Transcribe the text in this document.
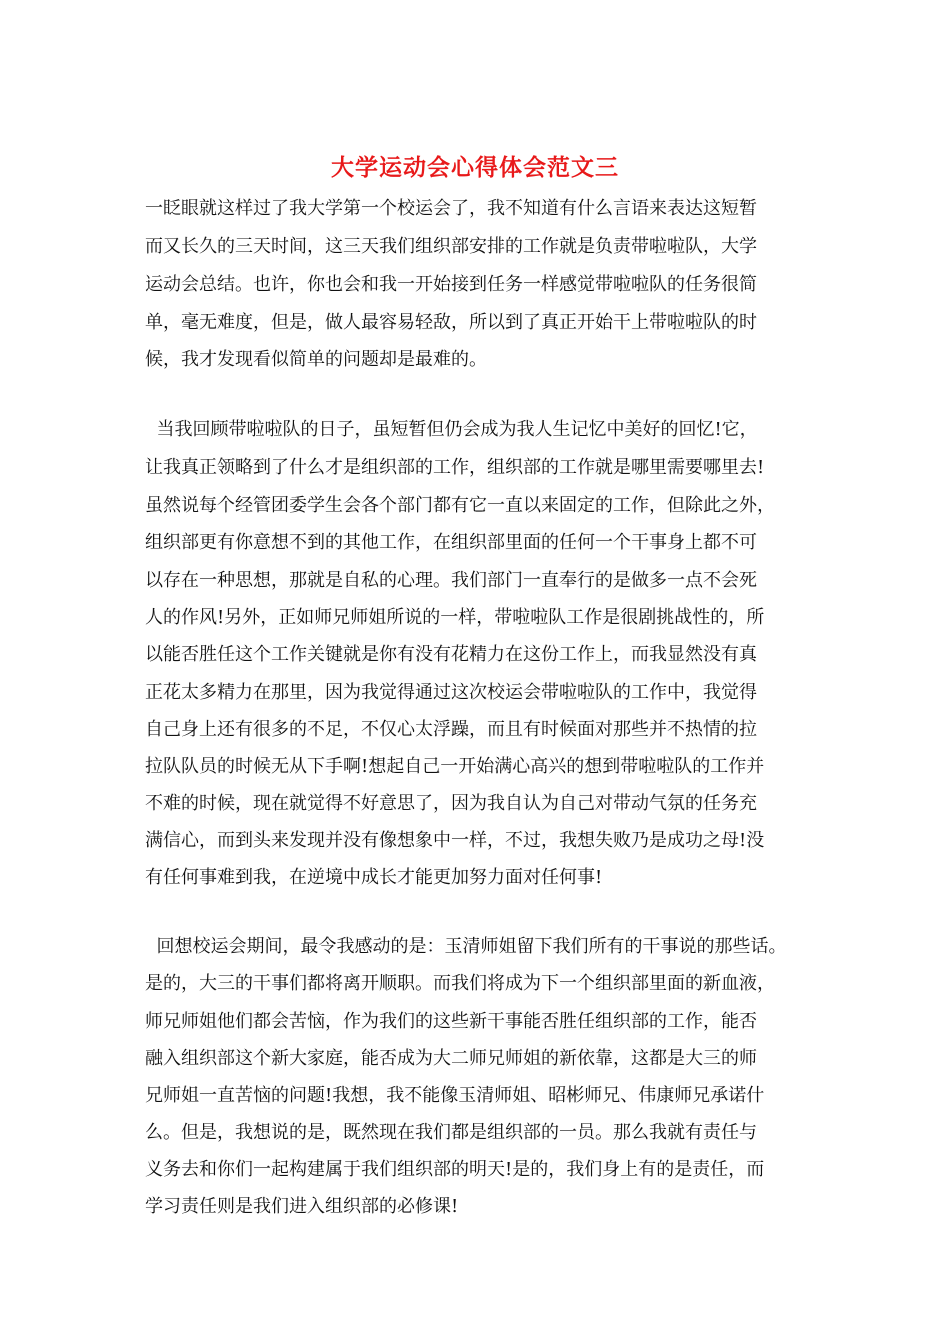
大学运动会心得体会范文三

一眨眼就这样过了我大学第一个校运会了，我不知道有什么言语来表达这短暂

而又长久的三天时间，这三天我们组织部安排的工作就是负责带啦啦队，大学

运动会总结。也许，你也会和我一开始接到任务一样感觉带啦啦队的任务很简

单，毫无难度，但是，做人最容易轻敌，所以到了真正开始干上带啦啦队的时

候，我才发现看似简单的问题却是最难的。

当我回顾带啦啦队的日子，虽短暂但仍会成为我人生记忆中美好的回忆!它，

让我真正领略到了什么才是组织部的工作，组织部的工作就是哪里需要哪里去!

虽然说每个经管团委学生会各个部门都有它一直以来固定的工作，但除此之外，

组织部更有你意想不到的其他工作，在组织部里面的任何一个干事身上都不可

以存在一种思想，那就是自私的心理。我们部门一直奉行的是做多一点不会死

人的作风!另外，正如师兄师姐所说的一样，带啦啦队工作是很剧挑战性的，所

以能否胜任这个工作关键就是你有没有花精力在这份工作上，而我显然没有真

正花太多精力在那里，因为我觉得通过这次校运会带啦啦队的工作中，我觉得

自己身上还有很多的不足，不仅心太浮躁，而且有时候面对那些并不热情的拉

拉队队员的时候无从下手啊!想起自己一开始满心高兴的想到带啦啦队的工作并

不难的时候，现在就觉得不好意思了，因为我自认为自己对带动气氛的任务充

满信心，而到头来发现并没有像想象中一样，不过，我想失败乃是成功之母!没

有任何事难到我，在逆境中成长才能更加努力面对任何事!

回想校运会期间，最令我感动的是：玉清师姐留下我们所有的干事说的那些话。

是的，大三的干事们都将离开顺职。而我们将成为下一个组织部里面的新血液，

师兄师姐他们都会苦恼，作为我们的这些新干事能否胜任组织部的工作，能否

融入组织部这个新大家庭，能否成为大二师兄师姐的新依靠，这都是大三的师

兄师姐一直苦恼的问题!我想，我不能像玉清师姐、昭彬师兄、伟康师兄承诺什

么。但是，我想说的是，既然现在我们都是组织部的一员。那么我就有责任与

义务去和你们一起构建属于我们组织部的明天!是的，我们身上有的是责任，而

学习责任则是我们进入组织部的必修课!
